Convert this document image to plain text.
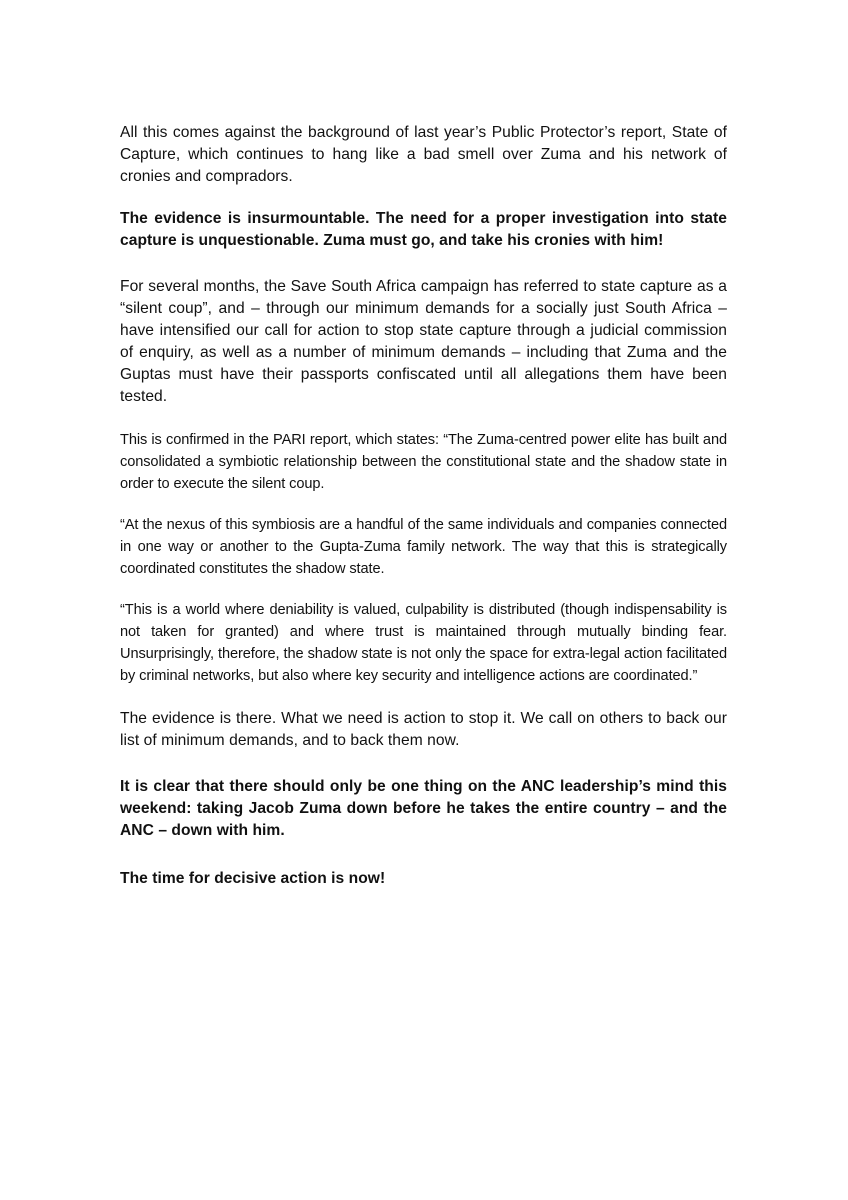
All this comes against the background of last year’s Public Protector’s report, State of Capture, which continues to hang like a bad smell over Zuma and his network of cronies and compradors.

The evidence is insurmountable. The need for a proper investigation into state capture is unquestionable. Zuma must go, and take his cronies with him!

For several months, the Save South Africa campaign has referred to state capture as a “silent coup”, and – through our minimum demands for a socially just South Africa – have intensified our call for action to stop state capture through a judicial commission of enquiry, as well as a number of minimum demands – including that Zuma and the Guptas must have their passports confiscated until all allegations them have been tested.

This is confirmed in the PARI report, which states: “The Zuma-centred power elite has built and consolidated a symbiotic relationship between the constitutional state and the shadow state in order to execute the silent coup.

“At the nexus of this symbiosis are a handful of the same individuals and companies connected in one way or another to the Gupta-Zuma family network. The way that this is strategically coordinated constitutes the shadow state.

“This is a world where deniability is valued, culpability is distributed (though indispensability is not taken for granted) and where trust is maintained through mutually binding fear. Unsurprisingly, therefore, the shadow state is not only the space for extra-legal action facilitated by criminal networks, but also where key security and intelligence actions are coordinated.”

The evidence is there. What we need is action to stop it. We call on others to back our list of minimum demands, and to back them now.

It is clear that there should only be one thing on the ANC leadership’s mind this weekend: taking Jacob Zuma down before he takes the entire country – and the ANC – down with him.

The time for decisive action is now!
